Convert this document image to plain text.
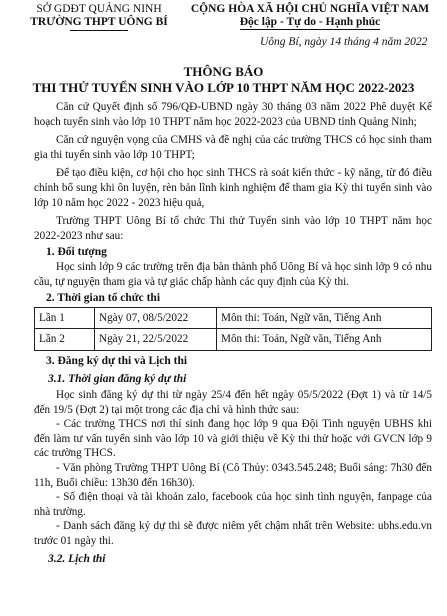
SỞ GDĐT QUẢNG NINH
TRƯỜNG THPT UÔNG BÍ
CỘNG HÒA XÃ HỘI CHỦ NGHĨA VIỆT NAM
Độc lập - Tự do - Hạnh phúc
Uông Bí, ngày 14 tháng 4 năm 2022
THÔNG BÁO
THI THỬ TUYỂN SINH VÀO LỚP 10 THPT NĂM HỌC 2022-2023

Căn cứ Quyết định số 796/QĐ-UBND ngày 30 tháng 03 năm 2022 Phê duyệt Kế hoạch tuyển sinh vào lớp 10 THPT năm học 2022-2023 của UBND tỉnh Quảng Ninh;

Căn cứ nguyện vọng của CMHS và đề nghị của các trường THCS có học sinh tham gia thi tuyển sinh vào lớp 10 THPT;

Để tạo điều kiện, cơ hội cho học sinh THCS rà soát kiến thức - kỹ năng, từ đó điều chỉnh bổ sung khi ôn luyện, rèn bản lĩnh kinh nghiệm để tham gia Kỳ thi tuyển sinh vào lớp 10 năm học 2022 - 2023 hiệu quả,

Trường THPT Uông Bí tổ chức Thi thử Tuyển sinh vào lớp 10 THPT năm học 2022-2023 như sau:

1. Đối tượng

Học sinh lớp 9 các trường trên địa bàn thành phố Uông Bí và học sinh lớp 9 có nhu cầu, tự nguyện tham gia và tự giác chấp hành các quy định của Kỳ thi.

2. Thời gian tổ chức thi
Lần 1	Ngày 07, 08/5/2022	Môn thi: Toán, Ngữ văn, Tiếng Anh
Lần 2	Ngày 21, 22/5/2022	Môn thi: Toán, Ngữ văn, Tiếng Anh
3. Đăng ký dự thi và Lịch thi
3.1. Thời gian đăng ký dự thi

Học sinh đăng ký dự thi từ ngày 25/4 đến hết ngày 05/5/2022 (Đợt 1) và từ 14/5 đến 19/5 (Đợt 2) tại một trong các địa chỉ và hình thức sau:

- Các trường THCS nơi thí sinh đang học lớp 9 qua Đội Tình nguyện UBHS khi đến làm tư vấn tuyển sinh vào lớp 10 và giới thiệu về Kỳ thi thử hoặc với GVCN lớp 9 các trường THCS.

- Văn phòng Trường THPT Uông Bí (Cô Thủy: 0343.545.248; Buổi sáng: 7h30 đến 11h, Buổi chiều: 13h30 đến 16h30).

- Số điện thoại và tài khoản zalo, facebook của học sinh tình nguyện, fanpage của nhà trường.

- Danh sách đăng ký dự thi sẽ được niêm yết chậm nhất trên Website: ubhs.edu.vn trước 01 ngày thi.

3.2. Lịch thi
